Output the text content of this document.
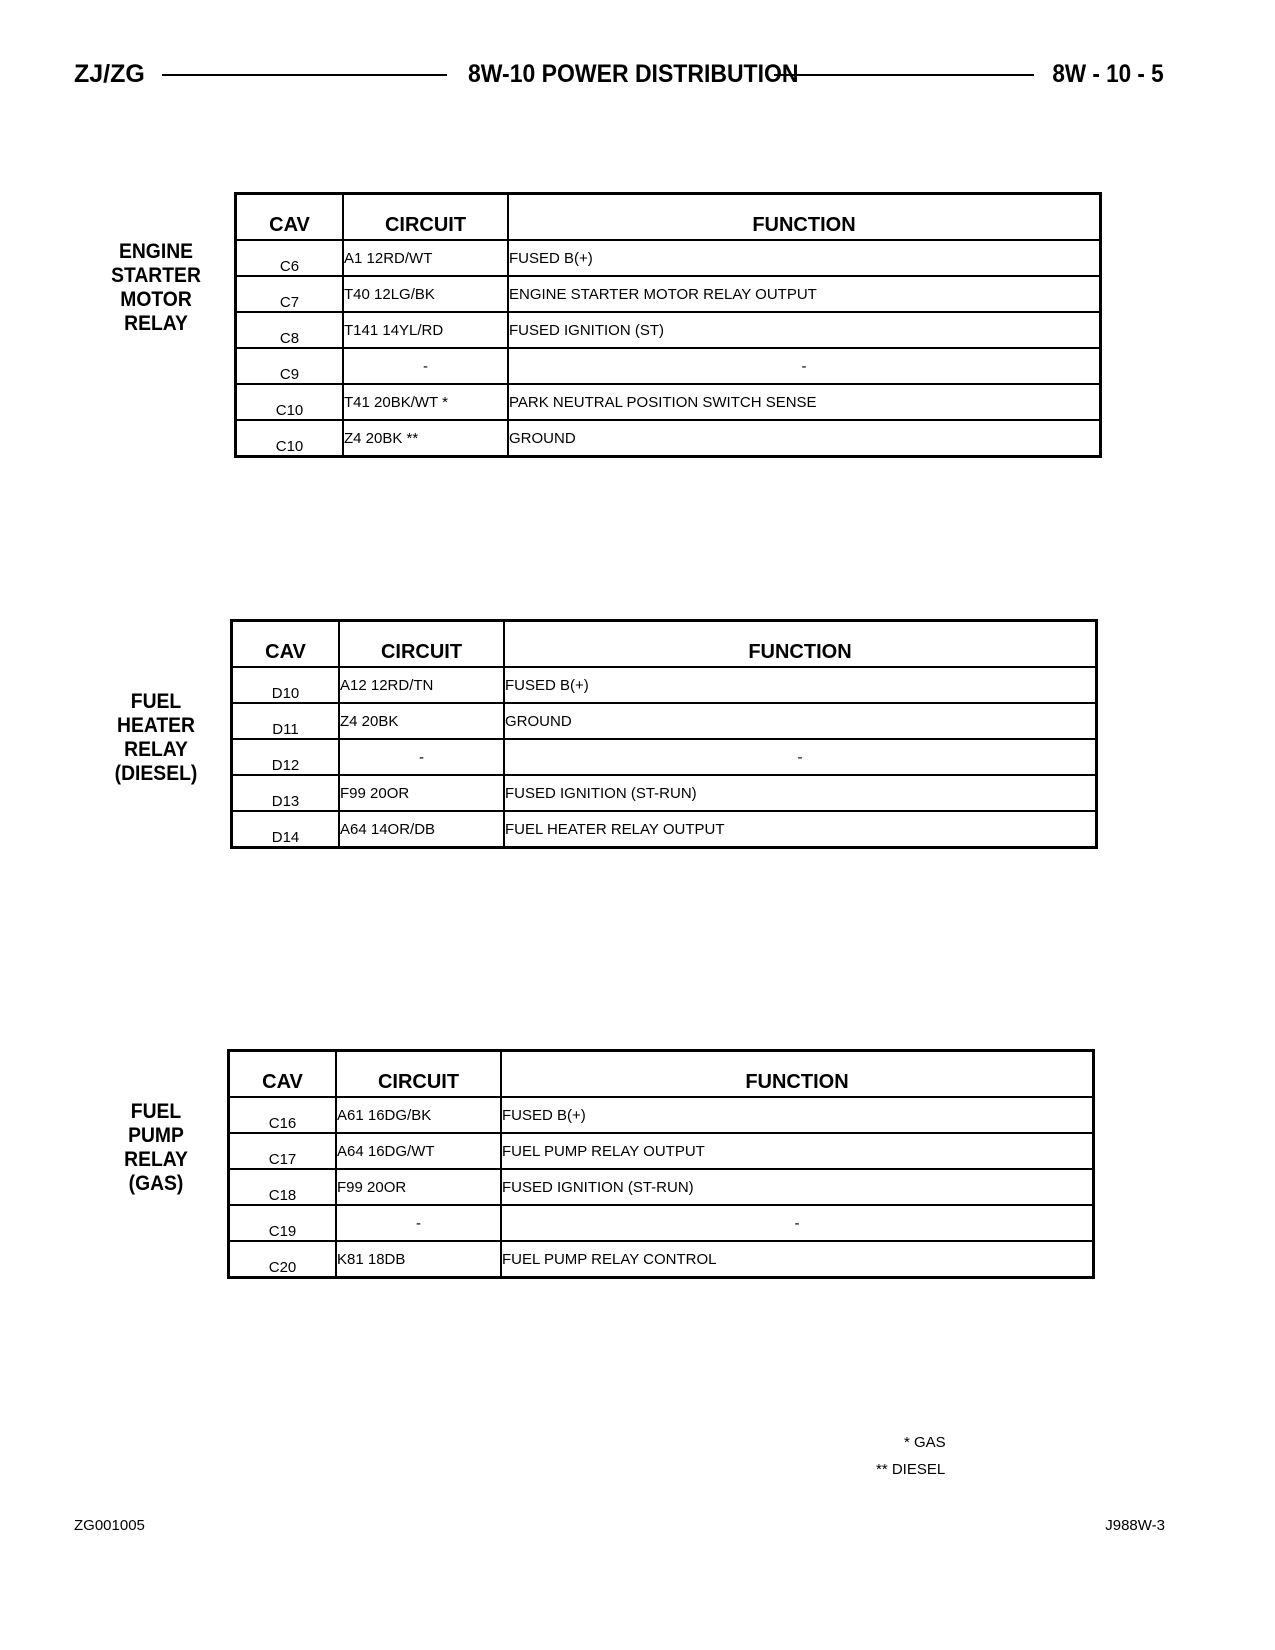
ZJ/ZG	8W-10 POWER DISTRIBUTION	8W - 10 - 5
ENGINE
STARTER
MOTOR
RELAY
CAV	CIRCUIT	FUNCTION
C6	A1 12RD/WT	FUSED B(+)
C7	T40 12LG/BK	ENGINE STARTER MOTOR RELAY OUTPUT
C8	T141 14YL/RD	FUSED IGNITION (ST)
C9	-	-
C10	T41 20BK/WT *	PARK NEUTRAL POSITION SWITCH SENSE
C10	Z4 20BK **	GROUND
FUEL
HEATER
RELAY
(DIESEL)
CAV	CIRCUIT	FUNCTION
D10	A12 12RD/TN	FUSED B(+)
D11	Z4 20BK	GROUND
D12	-	-
D13	F99 20OR	FUSED IGNITION (ST-RUN)
D14	A64 14OR/DB	FUEL HEATER RELAY OUTPUT
FUEL
PUMP
RELAY
(GAS)
CAV	CIRCUIT	FUNCTION
C16	A61 16DG/BK	FUSED B(+)
C17	A64 16DG/WT	FUEL PUMP RELAY OUTPUT
C18	F99 20OR	FUSED IGNITION (ST-RUN)
C19	-	-
C20	K81 18DB	FUEL PUMP RELAY CONTROL
* GAS
** DIESEL
ZG001005	J988W-3
